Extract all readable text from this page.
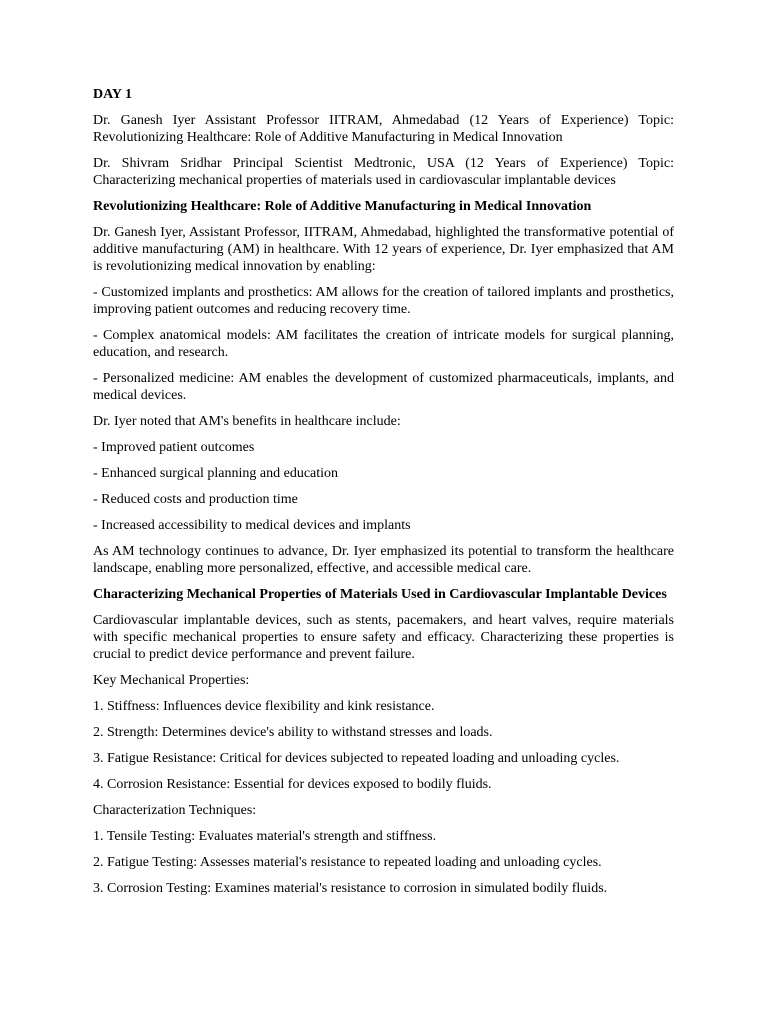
DAY 1

Dr. Ganesh Iyer Assistant Professor IITRAM, Ahmedabad (12 Years of Experience) Topic: Revolutionizing Healthcare: Role of Additive Manufacturing in Medical Innovation

Dr. Shivram Sridhar Principal Scientist Medtronic, USA (12 Years of Experience) Topic: Characterizing mechanical properties of materials used in cardiovascular implantable devices

Revolutionizing Healthcare: Role of Additive Manufacturing in Medical Innovation

Dr. Ganesh Iyer, Assistant Professor, IITRAM, Ahmedabad, highlighted the transformative potential of additive manufacturing (AM) in healthcare. With 12 years of experience, Dr. Iyer emphasized that AM is revolutionizing medical innovation by enabling:

- Customized implants and prosthetics: AM allows for the creation of tailored implants and prosthetics, improving patient outcomes and reducing recovery time.

- Complex anatomical models: AM facilitates the creation of intricate models for surgical planning, education, and research.

- Personalized medicine: AM enables the development of customized pharmaceuticals, implants, and medical devices.

Dr. Iyer noted that AM's benefits in healthcare include:

- Improved patient outcomes

- Enhanced surgical planning and education

- Reduced costs and production time

- Increased accessibility to medical devices and implants

As AM technology continues to advance, Dr. Iyer emphasized its potential to transform the healthcare landscape, enabling more personalized, effective, and accessible medical care.

Characterizing Mechanical Properties of Materials Used in Cardiovascular Implantable Devices

Cardiovascular implantable devices, such as stents, pacemakers, and heart valves, require materials with specific mechanical properties to ensure safety and efficacy. Characterizing these properties is crucial to predict device performance and prevent failure.

Key Mechanical Properties:

1. Stiffness: Influences device flexibility and kink resistance.

2. Strength: Determines device's ability to withstand stresses and loads.

3. Fatigue Resistance: Critical for devices subjected to repeated loading and unloading cycles.

4. Corrosion Resistance: Essential for devices exposed to bodily fluids.

Characterization Techniques:

1. Tensile Testing: Evaluates material's strength and stiffness.

2. Fatigue Testing: Assesses material's resistance to repeated loading and unloading cycles.

3. Corrosion Testing: Examines material's resistance to corrosion in simulated bodily fluids.
